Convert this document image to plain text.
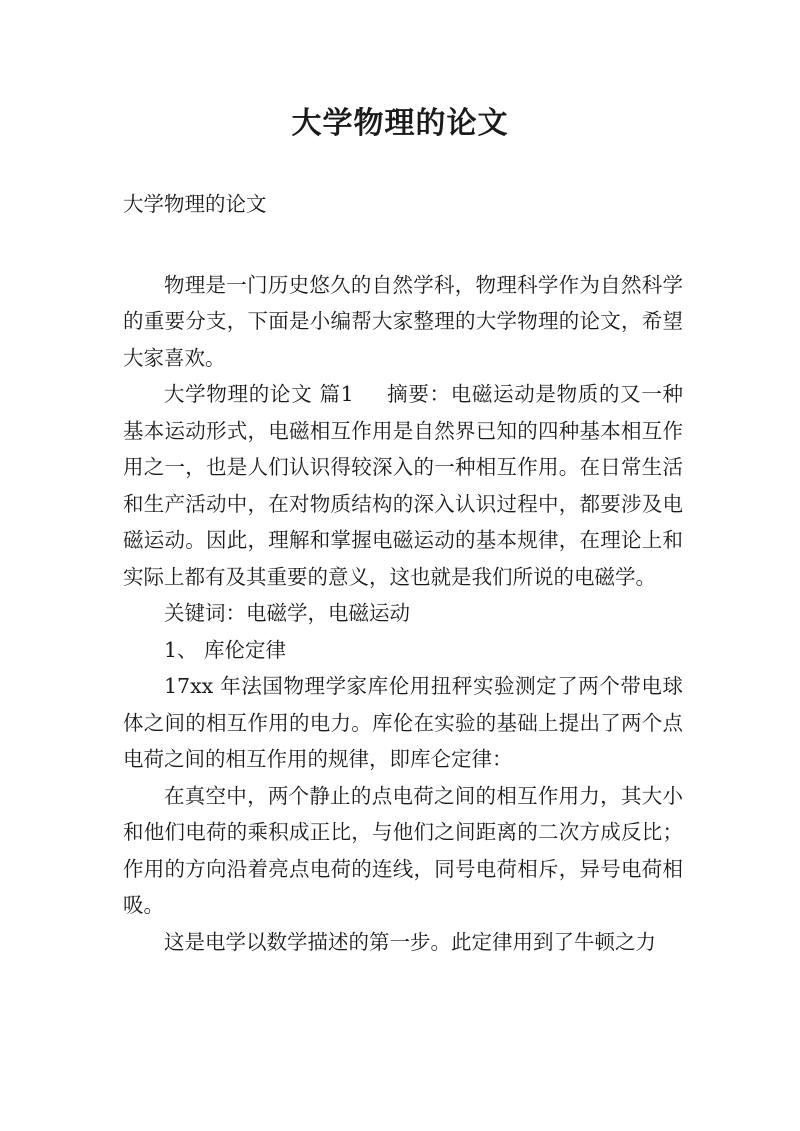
大学物理的论文

大学物理的论文

物理是一门历史悠久的自然学科，物理科学作为自然科学的重要分支，下面是小编帮大家整理的大学物理的论文，希望大家喜欢。

大学物理的论文 篇1 摘要：电磁运动是物质的又一种基本运动形式，电磁相互作用是自然界已知的四种基本相互作用之一，也是人们认识得较深入的一种相互作用。在日常生活和生产活动中，在对物质结构的深入认识过程中，都要涉及电磁运动。因此，理解和掌握电磁运动的基本规律，在理论上和实际上都有及其重要的意义，这也就是我们所说的电磁学。

关键词：电磁学，电磁运动

1、 库伦定律

17xx 年法国物理学家库伦用扭秤实验测定了两个带电球体之间的相互作用的电力。库伦在实验的基础上提出了两个点电荷之间的相互作用的规律，即库仑定律：

在真空中，两个静止的点电荷之间的相互作用力，其大小和他们电荷的乘积成正比，与他们之间距离的二次方成反比；作用的方向沿着亮点电荷的连线，同号电荷相斥，异号电荷相吸。

这是电学以数学描述的第一步。此定律用到了牛顿之力
